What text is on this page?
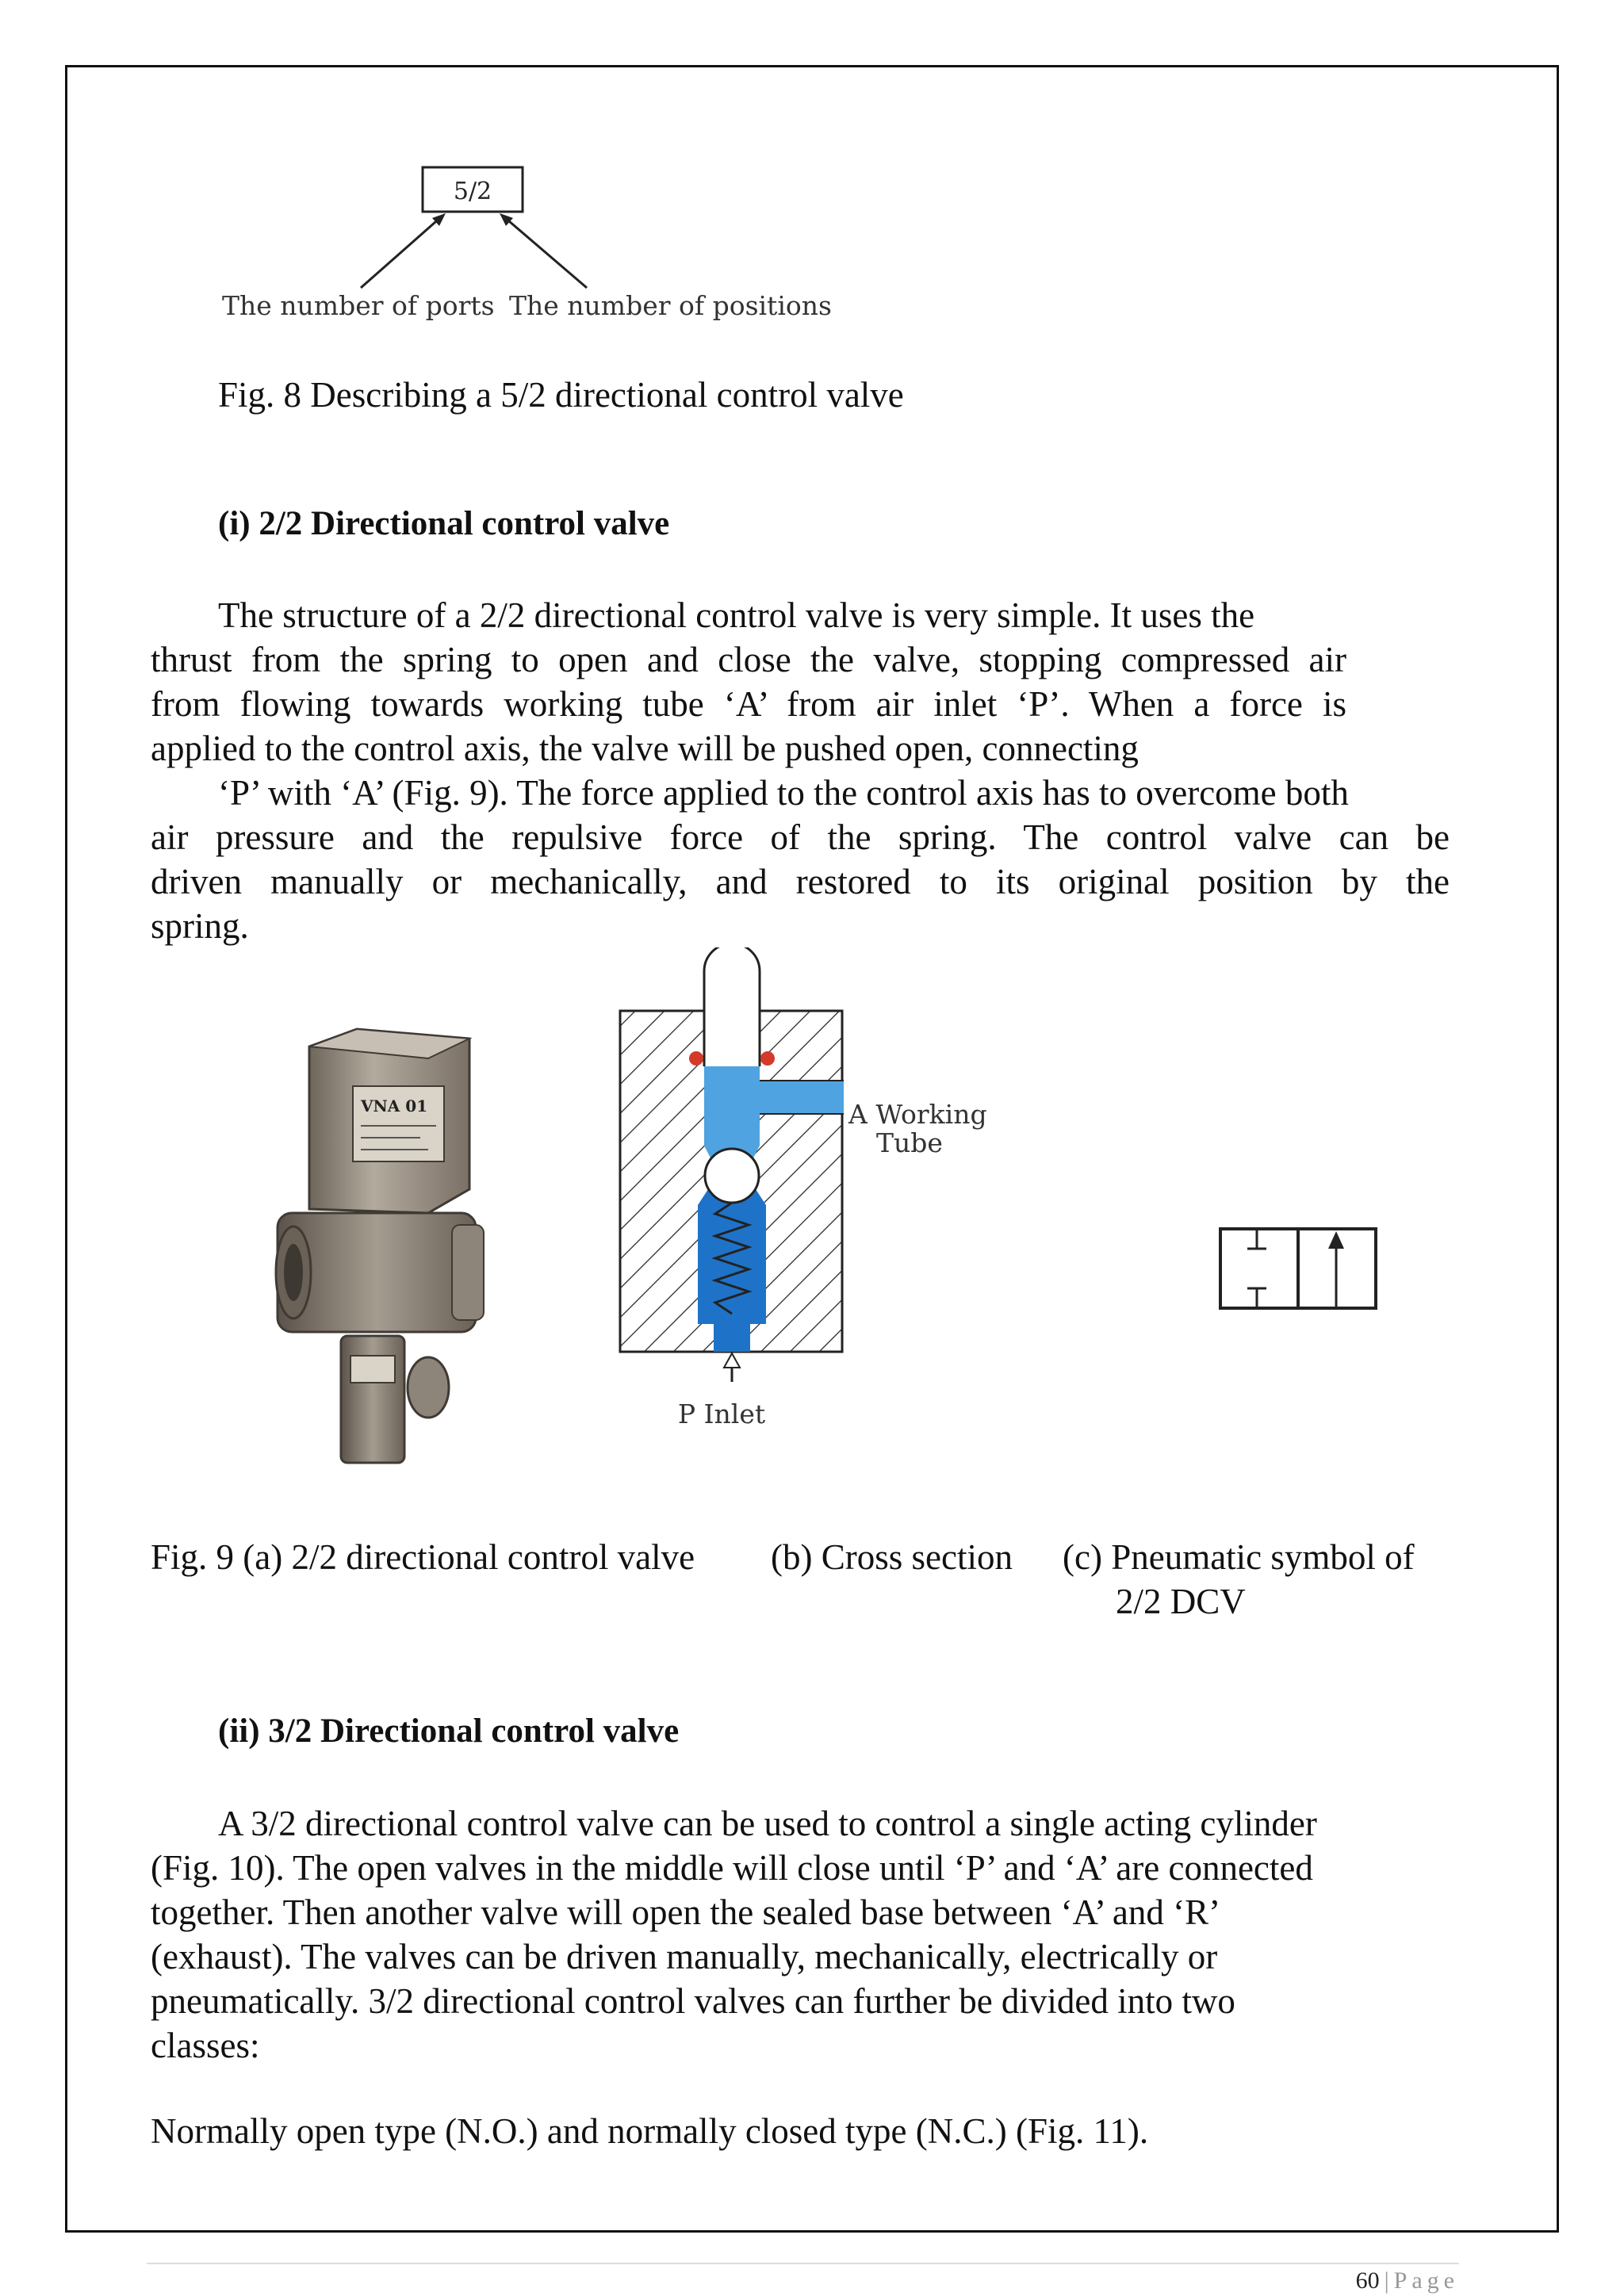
5/2
The number of ports The number of positions
Fig. 8 Describing a 5/2 directional control valve
(i) 2/2 Directional control valve
The structure of a 2/2 directional control valve is very simple. It uses the
thrust from the spring to open and close the valve, stopping compressed air
from flowing towards working tube ‘A’ from air inlet ‘P’. When a force is
applied to the control axis, the valve will be pushed open, connecting
‘P’ with ‘A’ (Fig. 9). The force applied to the control axis has to overcome both
air pressure and the repulsive force of the spring. The control valve can be
driven manually or mechanically, and restored to its original position by the
spring.
VNA 01	A Working
Tube
P Inlet
Fig. 9 (a) 2/2 directional control valve (b) Cross section (c) Pneumatic symbol of
2/2 DCV
(ii) 3/2 Directional control valve
A 3/2 directional control valve can be used to control a single acting cylinder
(Fig. 10). The open valves in the middle will close until ‘P’ and ‘A’ are connected
together. Then another valve will open the sealed base between ‘A’ and ‘R’
(exhaust). The valves can be driven manually, mechanically, electrically or
pneumatically. 3/2 directional control valves can further be divided into two
classes:
Normally open type (N.O.) and normally closed type (N.C.) (Fig. 11).
60 | Page
